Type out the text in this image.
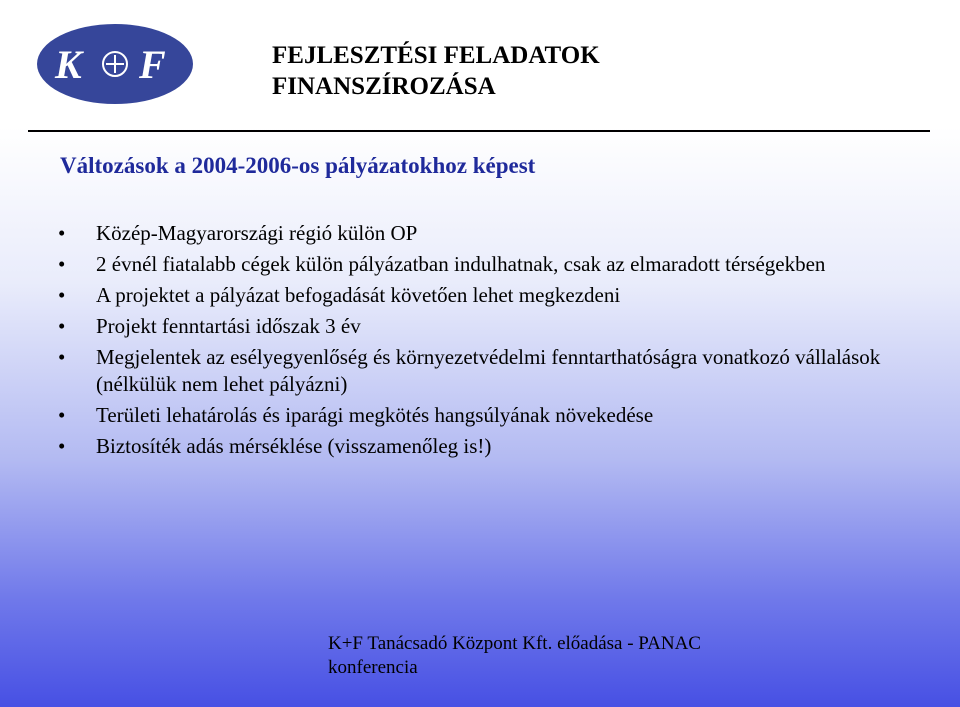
K F	FEJLESZTÉSI FELADATOK
FINANSZÍROZÁSA
Változások a 2004-2006-os pályázatokhoz képest
•	Közép-Magyarországi régió külön OP
•	2 évnél fiatalabb cégek külön pályázatban indulhatnak, csak az elmaradott térségekben
•	A projektet a pályázat befogadását követően lehet megkezdeni
•	Projekt fenntartási időszak 3 év
•	Megjelentek az esélyegyenlőség és környezetvédelmi fenntarthatóságra vonatkozó vállalások (nélkülük nem lehet pályázni)
•	Területi lehatárolás és iparági megkötés hangsúlyának növekedése
•	Biztosíték adás mérséklése (visszamenőleg is!)
K+F Tanácsadó Központ Kft. előadása - PANAC
konferencia
